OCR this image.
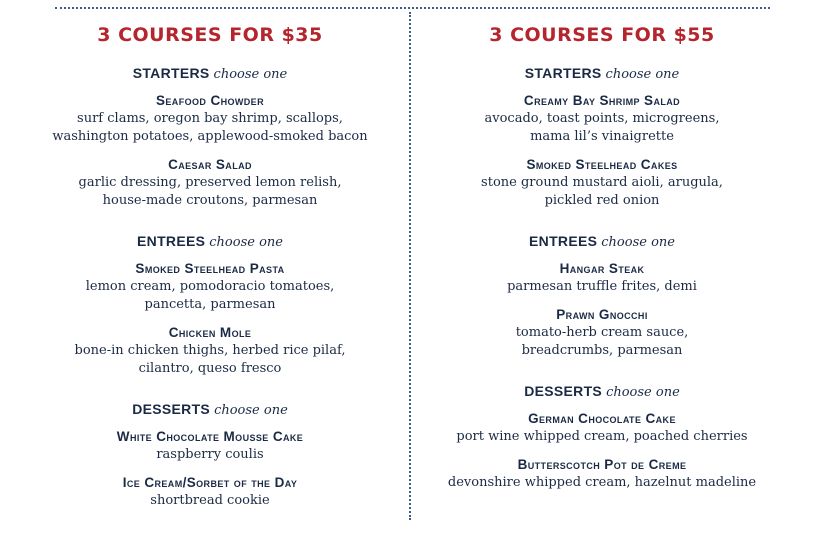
3 COURSES FOR $35
STARTERS choose one
Seafood Chowder
surf clams, oregon bay shrimp, scallops,
washington potatoes, applewood-smoked bacon
Caesar Salad
garlic dressing, preserved lemon relish,
house-made croutons, parmesan
ENTREES choose one
Smoked Steelhead Pasta
lemon cream, pomodoracio tomatoes,
pancetta, parmesan
Chicken Mole
bone-in chicken thighs, herbed rice pilaf,
cilantro, queso fresco
DESSERTS choose one
White Chocolate Mousse Cake
raspberry coulis
Ice Cream/Sorbet of the Day
shortbread cookie
3 COURSES FOR $55
STARTERS choose one
Creamy Bay Shrimp Salad
avocado, toast points, microgreens,
mama lil’s vinaigrette
Smoked Steelhead Cakes
stone ground mustard aioli, arugula,
pickled red onion
ENTREES choose one
Hangar Steak
parmesan truffle frites, demi
Prawn Gnocchi
tomato-herb cream sauce,
breadcrumbs, parmesan
DESSERTS choose one
German Chocolate Cake
port wine whipped cream, poached cherries
Butterscotch Pot de Creme
devonshire whipped cream, hazelnut madeline
